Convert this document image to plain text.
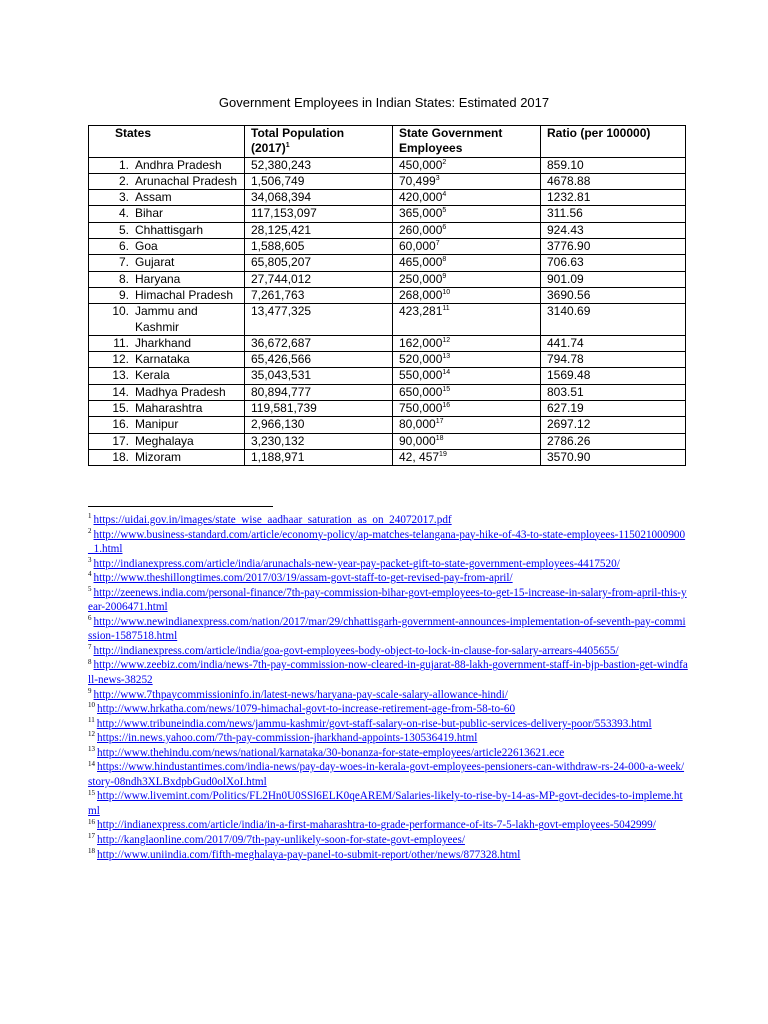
Government Employees in Indian States: Estimated 2017
States	Total Population $(2017)^1$	State Government Employees	Ratio (per 100000)

1. Andhra Pradesh	52,380,243	450,000$^2$	859.10

2. Arunachal Pradesh	1,506,749	70,499$^3$	4678.88

3. Assam	34,068,394	420,000$^4$	1232.81

4. Bihar	117,153,097	365,000$^5$	311.56

5. Chhattisgarh	28,125,421	260,000$^6$	924.43

6. Goa	1,588,605	60,000$^7$	3776.90

7. Gujarat	65,805,207	465,000$^8$	706.63

8. Haryana	27,744,012	250,000$^9$	901.09

9. Himachal Pradesh	7,261,763	268,000$^{10}$	3690.56

10. Jammu and Kashmir	13,477,325	423,281$^{11}$	3140.69

11. Jharkhand	36,672,687	162,000$^{12}$	441.74

12. Karnataka	65,426,566	520,000$^{13}$	794.78

13. Kerala	35,043,531	550,000$^{14}$	1569.48

14. Madhya Pradesh	80,894,777	650,000$^{15}$	803.51

15. Maharashtra	119,581,739	750,000$^{16}$	627.19

16. Manipur	2,966,130	80,000$^{17}$	2697.12

17. Meghalaya	3,230,132	90,000$^{18}$	2786.26

18. Mizoram	1,188,971	42, $457^{19}$	3570.90

$^1$ https://uidai.gov.in/images/state_wise_aadhaar_saturation_as_on_24072017.pdf

$^2$ http://www.business-standard.com/article/economy-policy/ap-matches-telangana-pay-hike-of-43-to-state-employees-115021000900_1.html

$^3$ http://indianexpress.com/article/india/arunachals-new-year-pay-packet-gift-to-state-government-employees-4417520/

$^4$ http://www.theshillongtimes.com/2017/03/19/assam-govt-staff-to-get-revised-pay-from-april/

$^5$ http://zeenews.india.com/personal-finance/7th-pay-commission-bihar-govt-employees-to-get-15-increase-in-salary-from-april-this-year-2006471.html

$^6$ http://www.newindianexpress.com/nation/2017/mar/29/chhattisgarh-government-announces-implementation-of-seventh-pay-commission-1587518.html

$^7$ http://indianexpress.com/article/india/goa-govt-employees-body-object-to-lock-in-clause-for-salary-arrears-4405655/

$^8$ http://www.zeebiz.com/india/news-7th-pay-commission-now-cleared-in-gujarat-88-lakh-government-staff-in-bjp-bastion-get-windfall-news-38252

$^9$ http://www.7thpaycommissioninfo.in/latest-news/haryana-pay-scale-salary-allowance-hindi/

$^{10}$ http://www.hrkatha.com/news/1079-himachal-govt-to-increase-retirement-age-from-58-to-60

$^{11}$ http://www.tribuneindia.com/news/jammu-kashmir/govt-staff-salary-on-rise-but-public-services-delivery-poor/553393.html

$^{12}$ https://in.news.yahoo.com/7th-pay-commission-jharkhand-appoints-130536419.html

$^{13}$ http://www.thehindu.com/news/national/karnataka/30-bonanza-for-state-employees/article22613621.ece

$^{14}$ https://www.hindustantimes.com/india-news/pay-day-woes-in-kerala-govt-employees-pensioners-can-withdraw-rs-24-000-a-week/story-08ndh3XLBxdpbGud0olXoI.html

$^{15}$ http://www.livemint.com/Politics/FL2Hn0U0SSl6ELK0qeAREM/Salaries-likely-to-rise-by-14-as-MP-govt-decides-to-impleme.html

$^{16}$ http://indianexpress.com/article/india/in-a-first-maharashtra-to-grade-performance-of-its-7-5-lakh-govt-employees-5042999/

$^{17}$ http://kanglaonline.com/2017/09/7th-pay-unlikely-soon-for-state-govt-employees/

$^{18}$ http://www.uniindia.com/fifth-meghalaya-pay-panel-to-submit-report/other/news/877328.html
